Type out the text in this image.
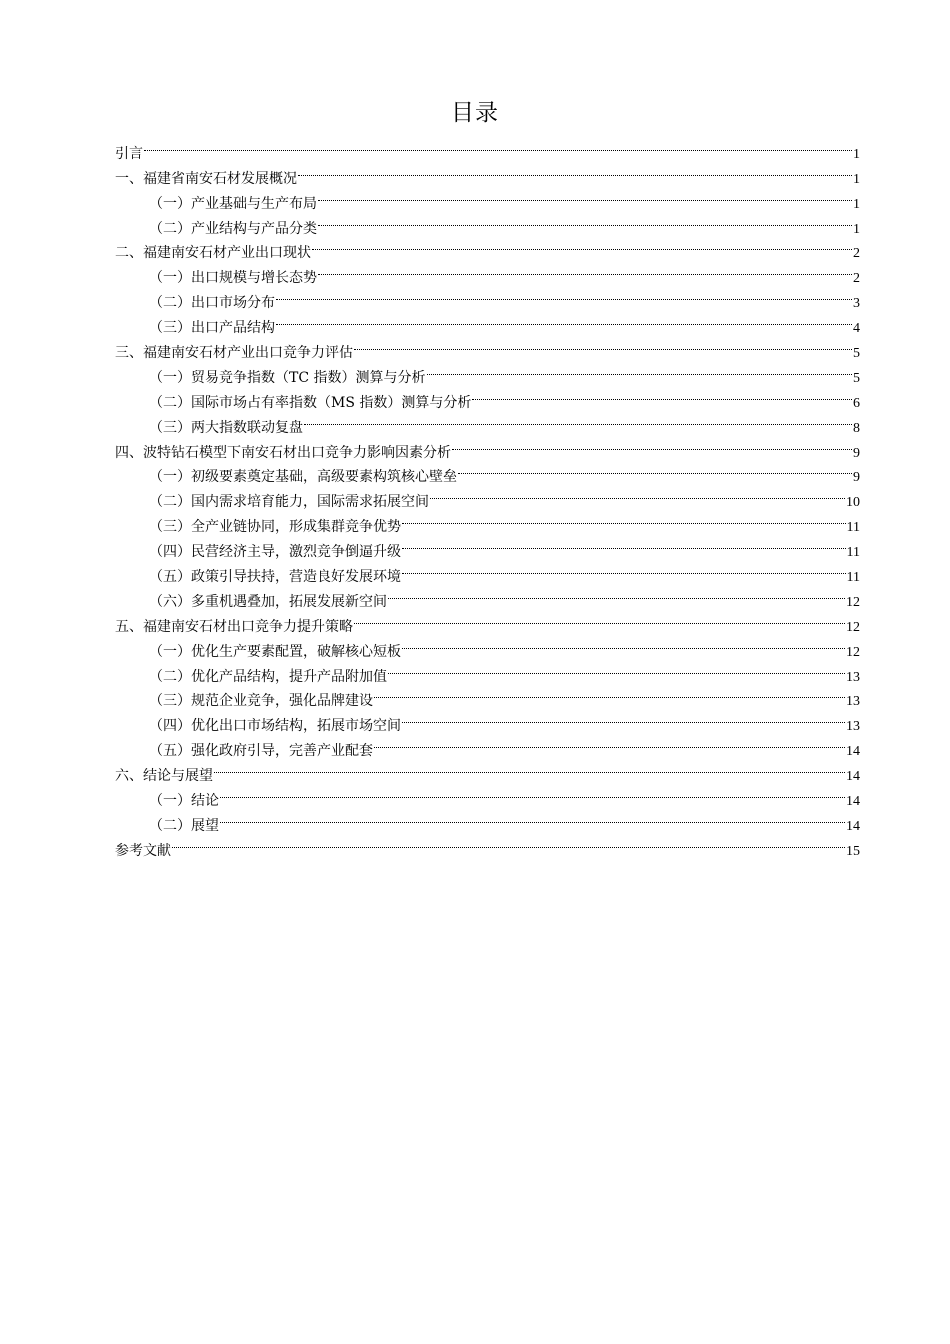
目录
引言	1
一、福建省南安石材发展概况	1
（一）产业基础与生产布局	1
（二）产业结构与产品分类	1
二、福建南安石材产业出口现状	2
（一）出口规模与增长态势	2
（二）出口市场分布	3
（三）出口产品结构	4
三、福建南安石材产业出口竞争力评估	5
（一）贸易竞争指数（TC 指数）测算与分析	5
（二）国际市场占有率指数（MS 指数）测算与分析	6
（三）两大指数联动复盘	8
四、波特钻石模型下南安石材出口竞争力影响因素分析	9
（一）初级要素奠定基础，高级要素构筑核心壁垒	9
（二）国内需求培育能力，国际需求拓展空间	10
（三）全产业链协同，形成集群竞争优势	11
（四）民营经济主导，激烈竞争倒逼升级	11
（五）政策引导扶持，营造良好发展环境	11
（六）多重机遇叠加，拓展发展新空间	12
五、福建南安石材出口竞争力提升策略	12
（一）优化生产要素配置，破解核心短板	12
（二）优化产品结构，提升产品附加值	13
（三）规范企业竞争，强化品牌建设	13
（四）优化出口市场结构，拓展市场空间	13
（五）强化政府引导，完善产业配套	14
六、结论与展望	14
（一）结论	14
（二）展望	14
参考文献	15
